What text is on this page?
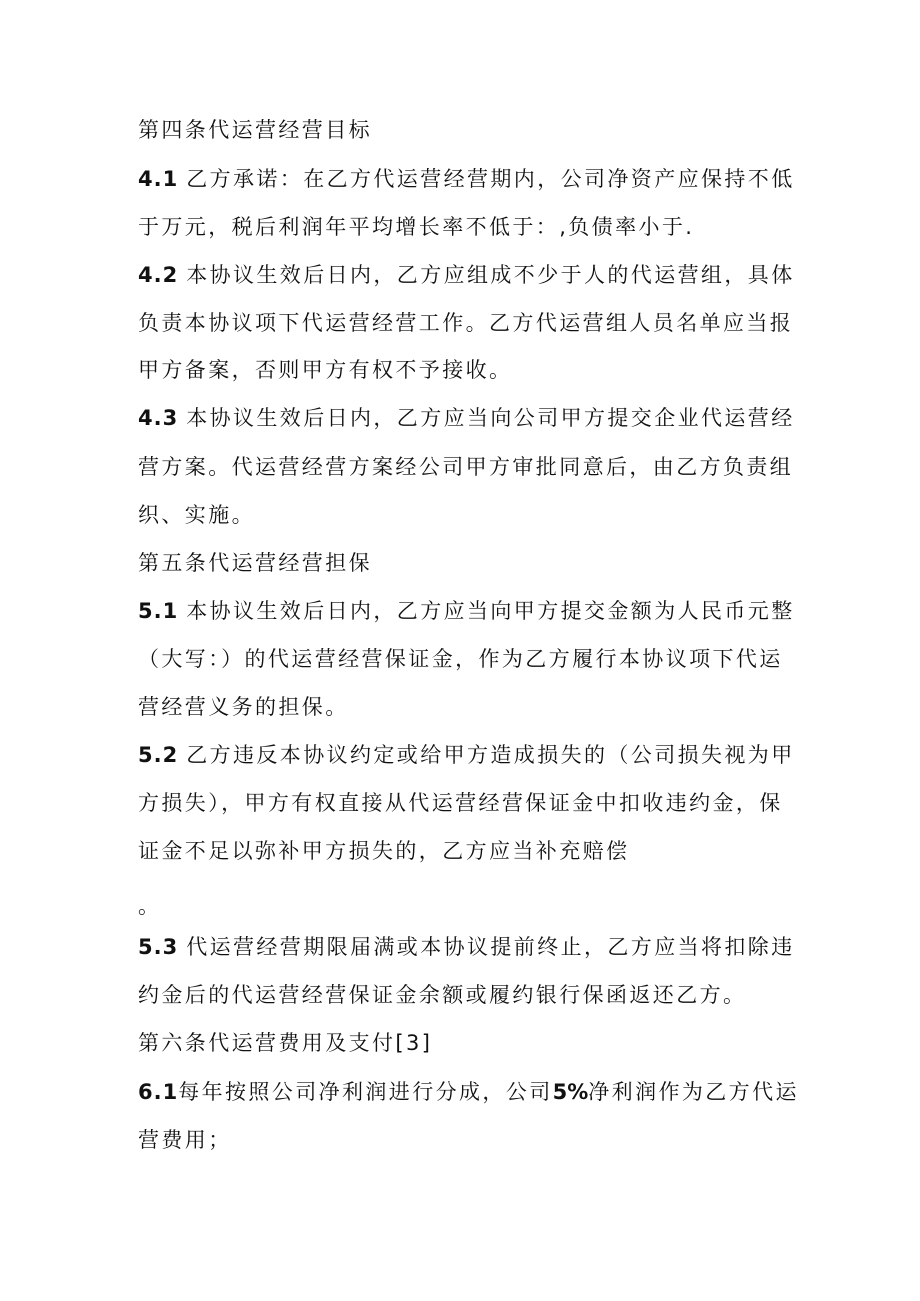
第四条代运营经营目标
4.1 乙方承诺：在乙方代运营经营期内，公司净资产应保持不低
于万元，税后利润年平均增长率不低于：,负债率小于.
4.2 本协议生效后日内，乙方应组成不少于人的代运营组，具体
负责本协议项下代运营经营工作。乙方代运营组人员名单应当报
甲方备案，否则甲方有权不予接收。
4.3 本协议生效后日内，乙方应当向公司甲方提交企业代运营经
营方案。代运营经营方案经公司甲方审批同意后，由乙方负责组
织、实施。
第五条代运营经营担保
5.1 本协议生效后日内，乙方应当向甲方提交金额为人民币元整
（大写：）的代运营经营保证金，作为乙方履行本协议项下代运
营经营义务的担保。
5.2 乙方违反本协议约定或给甲方造成损失的（公司损失视为甲
方损失），甲方有权直接从代运营经营保证金中扣收违约金，保
证金不足以弥补甲方损失的，乙方应当补充赔偿
。
5.3 代运营经营期限届满或本协议提前终止，乙方应当将扣除违
约金后的代运营经营保证金余额或履约银行保函返还乙方。
第六条代运营费用及支付[3]
6.1每年按照公司净利润进行分成，公司5%净利润作为乙方代运
营费用；
